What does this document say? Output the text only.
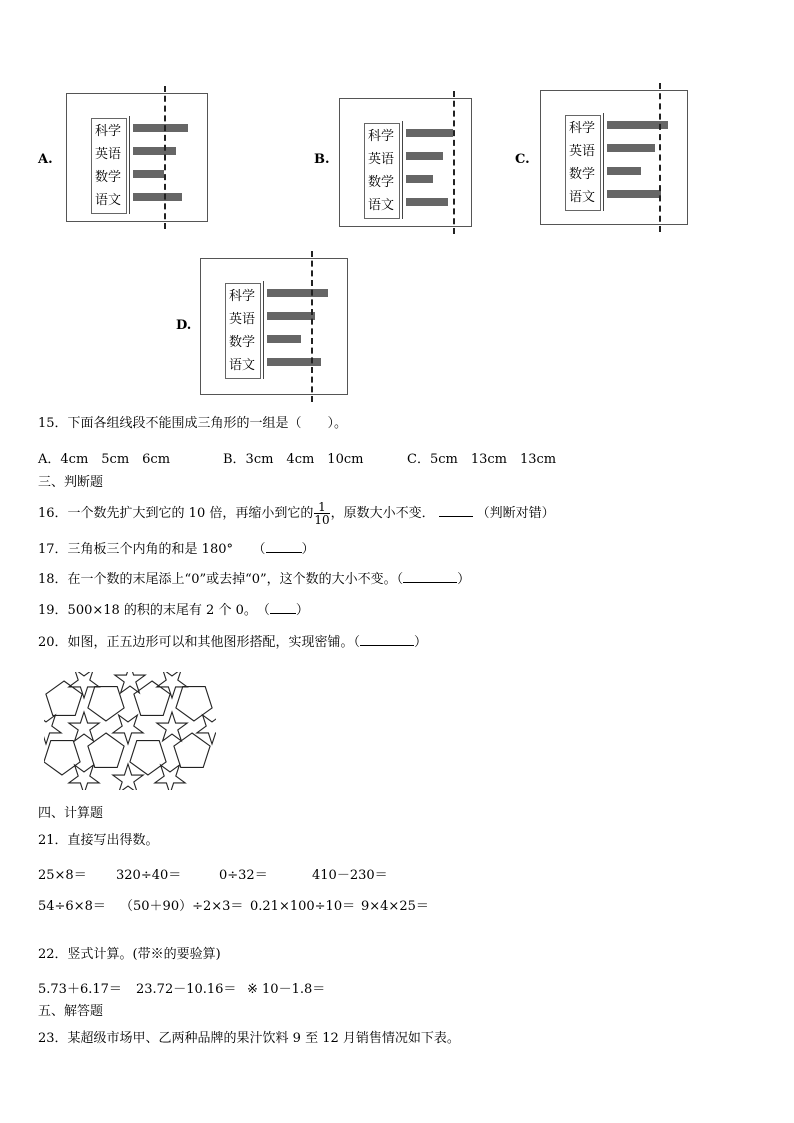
A.
科学
英语
数学
语文
B.
科学
英语
数学
语文
C.
科学
英语
数学
语文
D.
科学
英语
数学
语文
15．下面各组线段不能围成三角形的一组是（　　）。
A．4cm　5cm　6cm	B．3cm　4cm　10cm	C．5cm　13cm　13cm
三、判断题
16．一个数先扩大到它的 10 倍，再缩小到它的 $\frac{1}{10}$ ，原数大小不变．	（判断对错）
17．三角板三个内角的和是 180°　　（	）
18．在一个数的末尾添上“0”或去掉“0”，这个数的大小不变。（	）
19．500×18 的积的末尾有 2 个 0。　（ ）
20．如图，正五边形可以和其他图形搭配，实现密铺。（	）
四、计算题
21．直接写出得数。
25×8＝ 320÷40＝	0÷32＝	410－230＝
54÷6×8＝ （50＋90）÷2×3＝ 0.21×100÷10＝ 9×4×25＝
22．竖式计算。(带※的要验算)
5.73＋6.17＝ 23.72－10.16＝ ※ 10－1.8＝
五、解答题
23．某超级市场甲、乙两种品牌的果汁饮料 9 至 12 月销售情况如下表。
